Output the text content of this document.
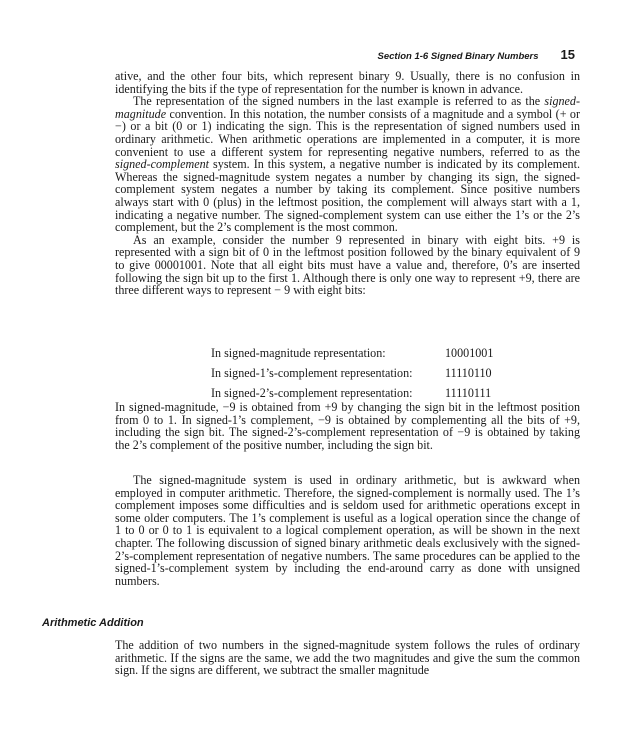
Section 1-6 Signed Binary Numbers 15

ative, and the other four bits, which represent binary 9. Usually, there is no confusion in identifying the bits if the type of representation for the number is known in advance.

The representation of the signed numbers in the last example is referred to as the signed-magnitude convention. In this notation, the number consists of a magnitude and a symbol (+ or −) or a bit (0 or 1) indicating the sign. This is the representation of signed numbers used in ordinary arithmetic. When arithmetic operations are implemented in a computer, it is more convenient to use a different system for representing negative numbers, referred to as the signed-complement system. In this system, a negative number is indicated by its complement. Whereas the signed-magnitude system negates a number by changing its sign, the signed-complement system negates a number by taking its complement. Since positive numbers always start with 0 (plus) in the leftmost position, the complement will always start with a 1, indicating a negative number. The signed-complement system can use either the 1’s or the 2’s complement, but the 2’s complement is the most common.

As an example, consider the number 9 represented in binary with eight bits. +9 is represented with a sign bit of 0 in the leftmost position followed by the binary equivalent of 9 to give 00001001. Note that all eight bits must have a value and, therefore, 0’s are inserted following the sign bit up to the first 1. Although there is only one way to represent +9, there are three different ways to represent − 9 with eight bits:

In signed-magnitude representation:	10001001
In signed-1’s-complement representation:	11110110
In signed-2’s-complement representation:	11110111

In signed-magnitude, −9 is obtained from +9 by changing the sign bit in the leftmost position from 0 to 1. In signed-1’s complement, −9 is obtained by complementing all the bits of +9, including the sign bit. The signed-2’s-complement representation of −9 is obtained by taking the 2’s complement of the positive number, including the sign bit.

The signed-magnitude system is used in ordinary arithmetic, but is awkward when employed in computer arithmetic. Therefore, the signed-complement is normally used. The 1’s complement imposes some difficulties and is seldom used for arithmetic operations except in some older computers. The 1’s complement is useful as a logical operation since the change of 1 to 0 or 0 to 1 is equivalent to a logical complement operation, as will be shown in the next chapter. The following discussion of signed binary arithmetic deals exclusively with the signed-2’s-complement representation of negative numbers. The same procedures can be applied to the signed-1’s-complement system by including the end-around carry as done with unsigned numbers.

Arithmetic Addition

The addition of two numbers in the signed-magnitude system follows the rules of ordinary arithmetic. If the signs are the same, we add the two magnitudes and give the sum the common sign. If the signs are different, we subtract the smaller magnitude
